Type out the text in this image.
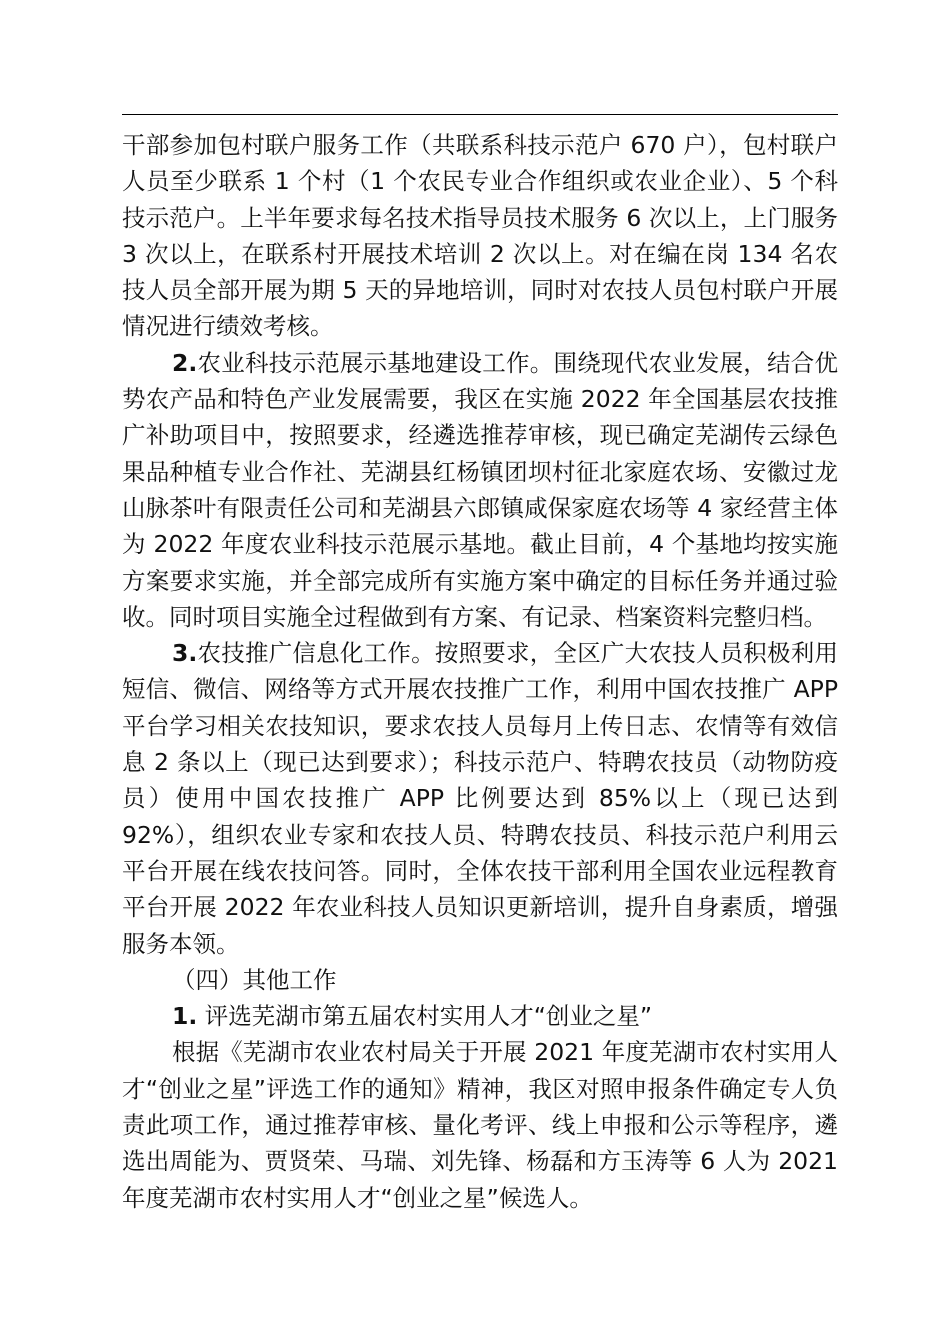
干部参加包村联户服务工作（共联系科技示范户 670 户），包村联户人员至少联系 1 个村（1 个农民专业合作组织或农业企业）、5 个科技示范户。上半年要求每名技术指导员技术服务 6 次以上，上门服务 3 次以上，在联系村开展技术培训 2 次以上。对在编在岗 134 名农技人员全部开展为期 5 天的异地培训，同时对农技人员包村联户开展情况进行绩效考核。

2.农业科技示范展示基地建设工作。围绕现代农业发展，结合优势农产品和特色产业发展需要，我区在实施 2022 年全国基层农技推广补助项目中，按照要求，经遴选推荐审核，现已确定芜湖传云绿色果品种植专业合作社、芜湖县红杨镇团坝村征北家庭农场、安徽过龙山脉茶叶有限责任公司和芜湖县六郎镇咸保家庭农场等 4 家经营主体为 2022 年度农业科技示范展示基地。截止目前，4 个基地均按实施方案要求实施，并全部完成所有实施方案中确定的目标任务并通过验收。同时项目实施全过程做到有方案、有记录、档案资料完整归档。

3.农技推广信息化工作。按照要求，全区广大农技人员积极利用短信、微信、网络等方式开展农技推广工作，利用中国农技推广 APP 平台学习相关农技知识，要求农技人员每月上传日志、农情等有效信息 2 条以上（现已达到要求）；科技示范户、特聘农技员（动物防疫员）使用中国农技推广 APP 比例要达到 85%以上（现已达到 92%），组织农业专家和农技人员、特聘农技员、科技示范户利用云平台开展在线农技问答。同时，全体农技干部利用全国农业远程教育平台开展 2022 年农业科技人员知识更新培训，提升自身素质，增强服务本领。

（四）其他工作

1. 评选芜湖市第五届农村实用人才“创业之星”

根据《芜湖市农业农村局关于开展 2021 年度芜湖市农村实用人才“创业之星”评选工作的通知》精神，我区对照申报条件确定专人负责此项工作，通过推荐审核、量化考评、线上申报和公示等程序，遴选出周能为、贾贤荣、马瑞、刘先锋、杨磊和方玉涛等 6 人为 2021 年度芜湖市农村实用人才“创业之星”候选人。
